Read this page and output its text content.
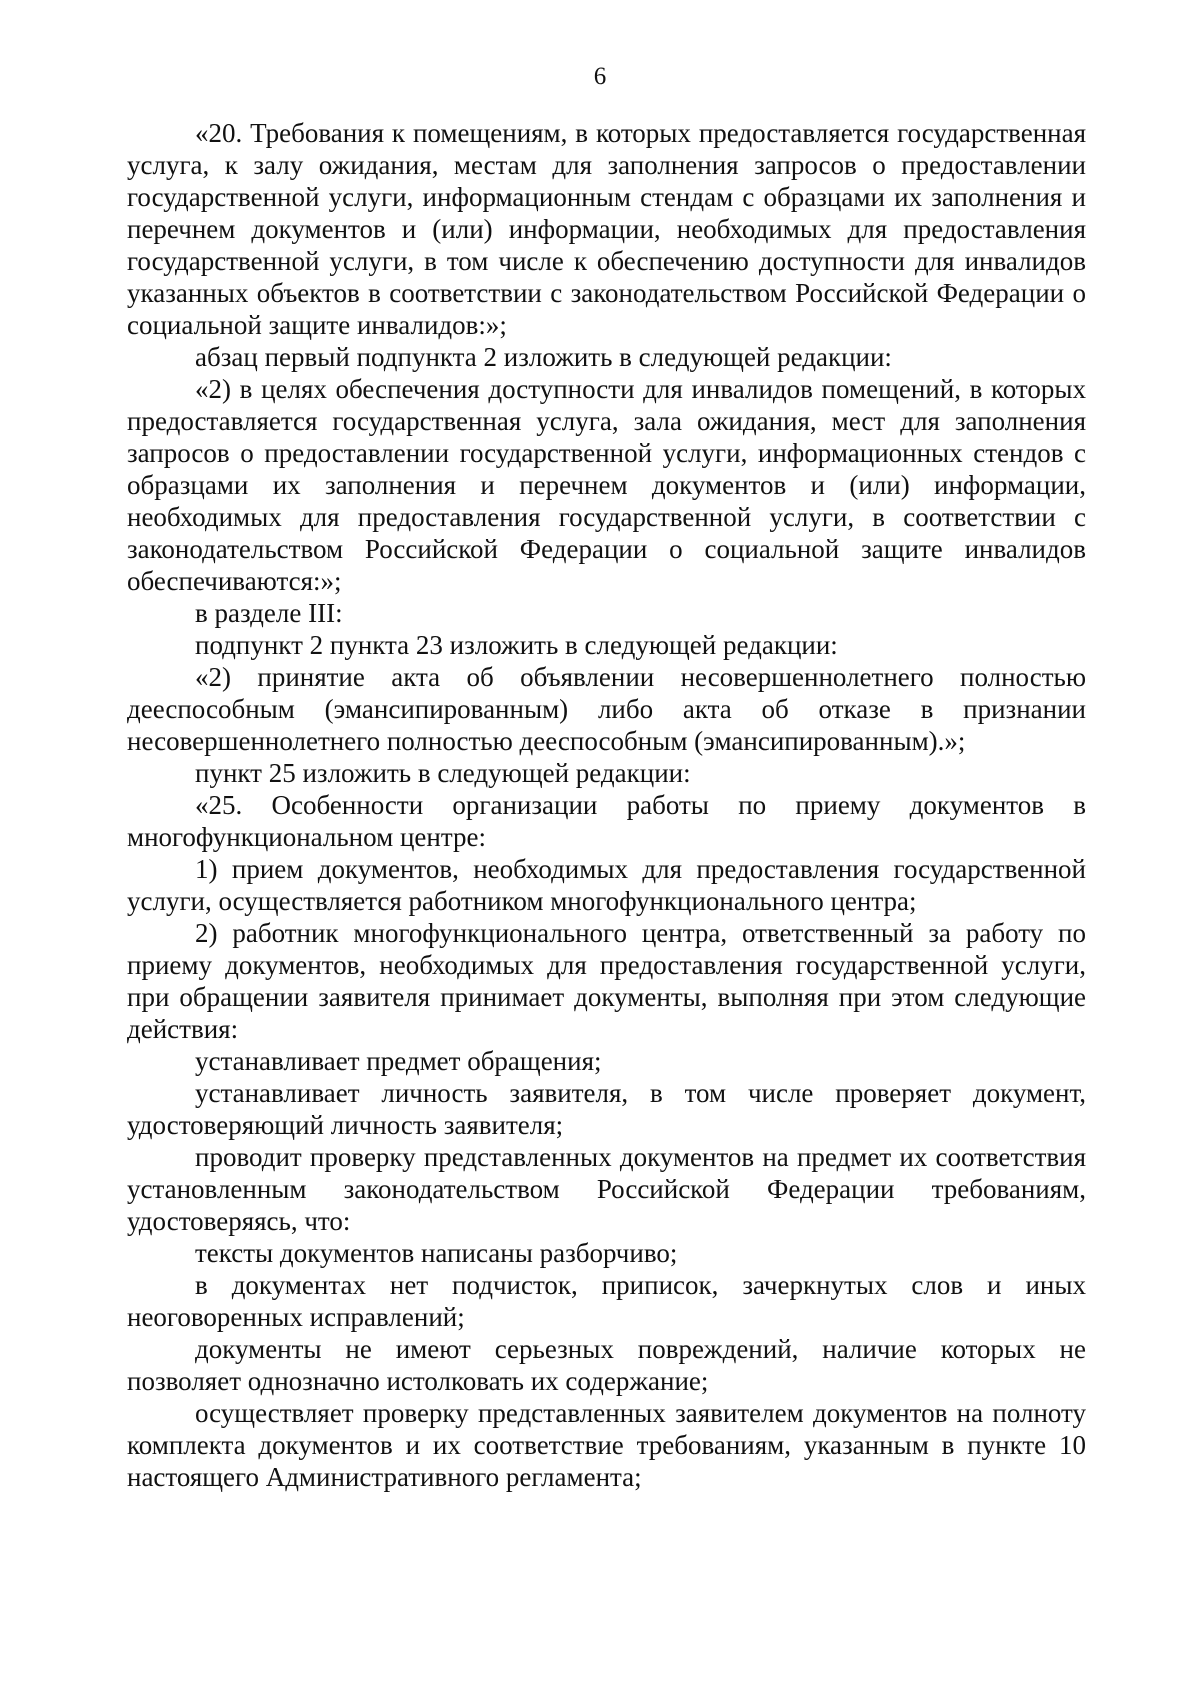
6

«20. Требования к помещениям, в которых предоставляется государственная услуга, к залу ожидания, местам для заполнения запросов о предоставлении государственной услуги, информационным стендам с образцами их заполнения и перечнем документов и (или) информации, необходимых для предоставления государственной услуги, в том числе к обеспечению доступности для инвалидов указанных объектов в соответствии с законодательством Российской Федерации о социальной защите инвалидов:»;

абзац первый подпункта 2 изложить в следующей редакции:

«2) в целях обеспечения доступности для инвалидов помещений, в которых предоставляется государственная услуга, зала ожидания, мест для заполнения запросов о предоставлении государственной услуги, информационных стендов с образцами их заполнения и перечнем документов и (или) информации, необходимых для предоставления государственной услуги, в соответствии с законодательством Российской Федерации о социальной защите инвалидов обеспечиваются:»;

в разделе III:

подпункт 2 пункта 23 изложить в следующей редакции:

«2) принятие акта об объявлении несовершеннолетнего полностью дееспособным (эмансипированным) либо акта об отказе в признании несовершеннолетнего полностью дееспособным (эмансипированным).»;

пункт 25 изложить в следующей редакции:

«25. Особенности организации работы по приему документов в многофункциональном центре:

1) прием документов, необходимых для предоставления государственной услуги, осуществляется работником многофункционального центра;

2) работник многофункционального центра, ответственный за работу по приему документов, необходимых для предоставления государственной услуги, при обращении заявителя принимает документы, выполняя при этом следующие действия:

устанавливает предмет обращения;

устанавливает личность заявителя, в том числе проверяет документ, удостоверяющий личность заявителя;

проводит проверку представленных документов на предмет их соответствия установленным законодательством Российской Федерации требованиям, удостоверяясь, что:

тексты документов написаны разборчиво;

в документах нет подчисток, приписок, зачеркнутых слов и иных неоговоренных исправлений;

документы не имеют серьезных повреждений, наличие которых не позволяет однозначно истолковать их содержание;

осуществляет проверку представленных заявителем документов на полноту комплекта документов и их соответствие требованиям, указанным в пункте 10 настоящего Административного регламента;
